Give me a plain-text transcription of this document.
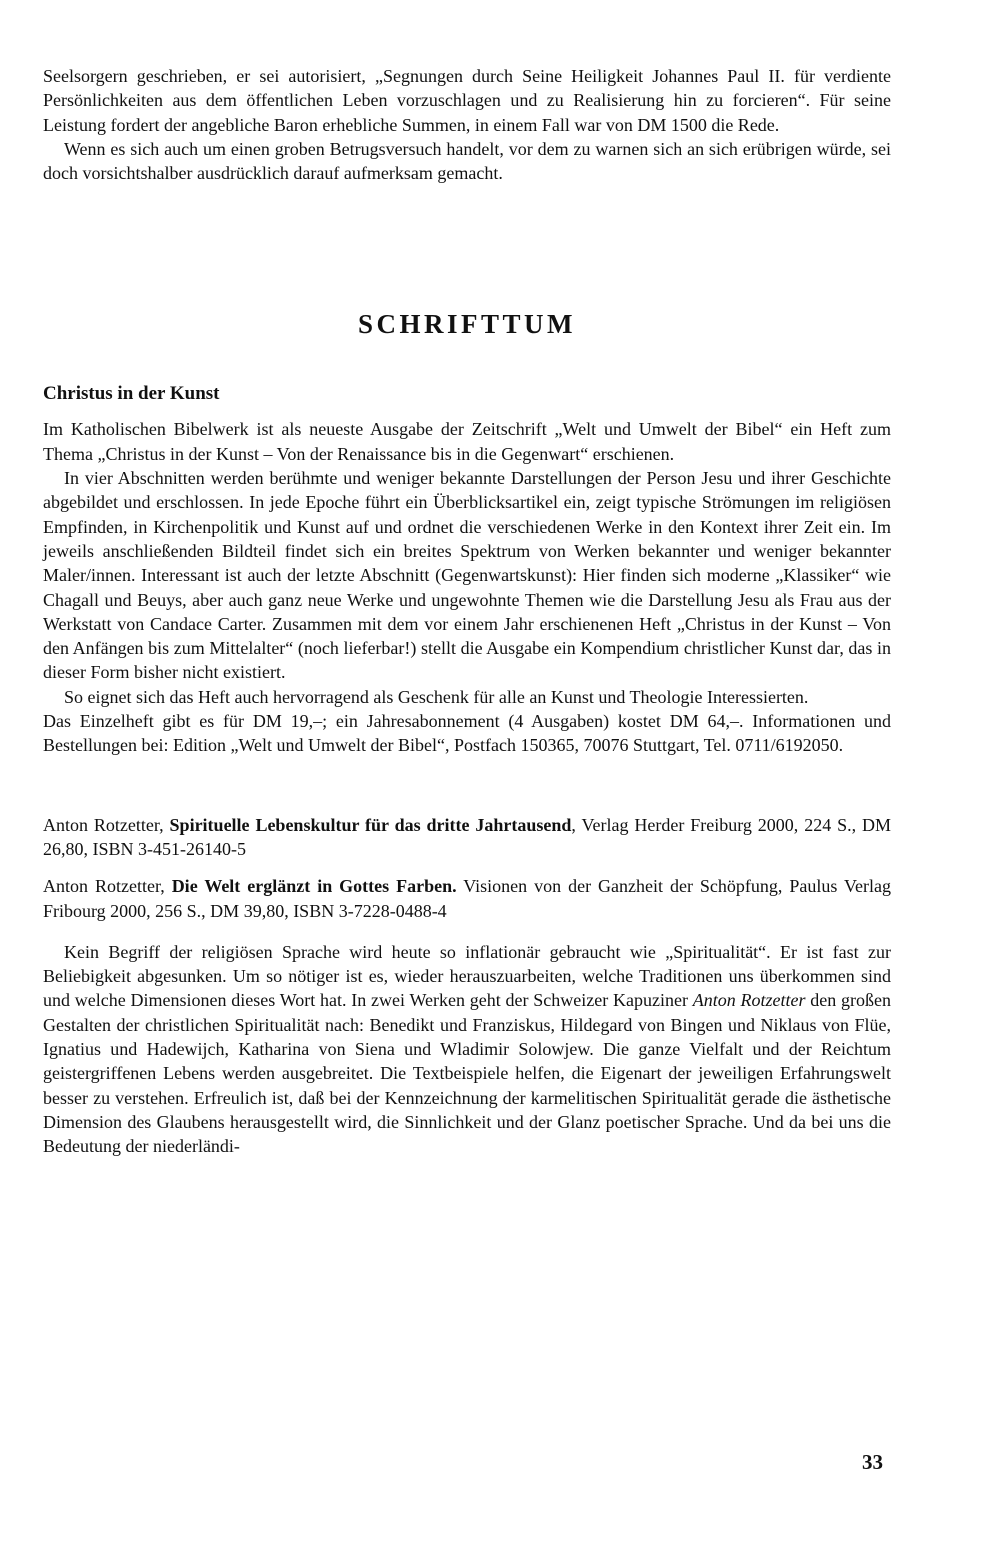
Seelsorgern geschrieben, er sei autorisiert, „Segnungen durch Seine Heiligkeit Johannes Paul II. für verdiente Persönlichkeiten aus dem öffentlichen Leben vorzuschlagen und zu Realisierung hin zu forcieren“. Für seine Leistung fordert der angebliche Baron erhebliche Summen, in einem Fall war von DM 1500 die Rede.

Wenn es sich auch um einen groben Betrugsversuch handelt, vor dem zu warnen sich an sich erübrigen würde, sei doch vorsichtshalber ausdrücklich darauf aufmerksam gemacht.

SCHRIFTTUM
Christus in der Kunst

Im Katholischen Bibelwerk ist als neueste Ausgabe der Zeitschrift „Welt und Umwelt der Bibel“ ein Heft zum Thema „Christus in der Kunst – Von der Renaissance bis in die Gegenwart“ erschienen.

In vier Abschnitten werden berühmte und weniger bekannte Darstellungen der Person Jesu und ihrer Geschichte abgebildet und erschlossen. In jede Epoche führt ein Überblicksartikel ein, zeigt typische Strömungen im religiösen Empfinden, in Kirchenpolitik und Kunst auf und ordnet die verschiedenen Werke in den Kontext ihrer Zeit ein. Im jeweils anschließenden Bildteil findet sich ein breites Spektrum von Werken bekannter und weniger bekannter Maler/innen. Interessant ist auch der letzte Abschnitt (Gegenwartskunst): Hier finden sich moderne „Klassiker“ wie Chagall und Beuys, aber auch ganz neue Werke und ungewohnte Themen wie die Darstellung Jesu als Frau aus der Werkstatt von Candace Carter. Zusammen mit dem vor einem Jahr erschienenen Heft „Christus in der Kunst – Von den Anfängen bis zum Mittelalter“ (noch lieferbar!) stellt die Ausgabe ein Kompendium christlicher Kunst dar, das in dieser Form bisher nicht existiert.

So eignet sich das Heft auch hervorragend als Geschenk für alle an Kunst und Theologie Interessierten.

Das Einzelheft gibt es für DM 19,–; ein Jahresabonnement (4 Ausgaben) kostet DM 64,–. Informationen und Bestellungen bei: Edition „Welt und Umwelt der Bibel“, Postfach 150365, 70076 Stuttgart, Tel. 0711/6192050.

Anton Rotzetter, Spirituelle Lebenskultur für das dritte Jahrtausend, Verlag Herder Freiburg 2000, 224 S., DM 26,80, ISBN 3-451-26140-5

Anton Rotzetter, Die Welt erglänzt in Gottes Farben. Visionen von der Ganzheit der Schöpfung, Paulus Verlag Fribourg 2000, 256 S., DM 39,80, ISBN 3-7228-0488-4

Kein Begriff der religiösen Sprache wird heute so inflationär gebraucht wie „Spiritualität“. Er ist fast zur Beliebigkeit abgesunken. Um so nötiger ist es, wieder herauszuarbeiten, welche Traditionen uns überkommen sind und welche Dimensionen dieses Wort hat. In zwei Werken geht der Schweizer Kapuziner Anton Rotzetter den großen Gestalten der christlichen Spiritualität nach: Benedikt und Franziskus, Hildegard von Bingen und Niklaus von Flüe, Ignatius und Hadewijch, Katharina von Siena und Wladimir Solowjew. Die ganze Vielfalt und der Reichtum geistergriffenen Lebens werden ausgebreitet. Die Textbeispiele helfen, die Eigenart der jeweiligen Erfahrungswelt besser zu verstehen. Erfreulich ist, daß bei der Kennzeichnung der karmelitischen Spiritualität gerade die ästhetische Dimension des Glaubens herausgestellt wird, die Sinnlichkeit und der Glanz poetischer Sprache. Und da bei uns die Bedeutung der niederländi-

33
